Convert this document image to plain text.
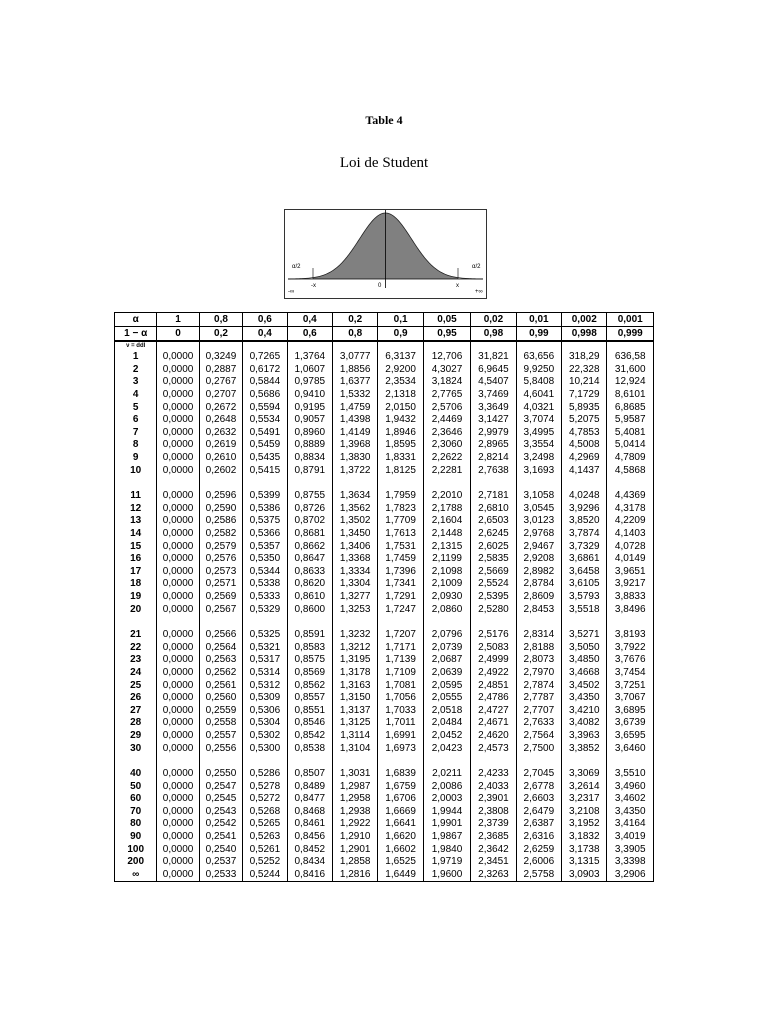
Table 4
Loi de Student
-∞
-x	0	x
+∞
α/2	α/2
α	1	0,8	0,6	0,4	0,2	0,1	0,05	0,02	0,01	0,002	0,001
1 − α	0	0,2	0,4	0,6	0,8	0,9	0,95	0,98	0,99	0,998	0,999
ν = ddl											
1	0,0000	0,3249	0,7265	1,3764	3,0777	6,3137	12,706	31,821	63,656	318,29	636,58
2	0,0000	0,2887	0,6172	1,0607	1,8856	2,9200	4,3027	6,9645	9,9250	22,328	31,600
3	0,0000	0,2767	0,5844	0,9785	1,6377	2,3534	3,1824	4,5407	5,8408	10,214	12,924
4	0,0000	0,2707	0,5686	0,9410	1,5332	2,1318	2,7765	3,7469	4,6041	7,1729	8,6101
5	0,0000	0,2672	0,5594	0,9195	1,4759	2,0150	2,5706	3,3649	4,0321	5,8935	6,8685
6	0,0000	0,2648	0,5534	0,9057	1,4398	1,9432	2,4469	3,1427	3,7074	5,2075	5,9587
7	0,0000	0,2632	0,5491	0,8960	1,4149	1,8946	2,3646	2,9979	3,4995	4,7853	5,4081
8	0,0000	0,2619	0,5459	0,8889	1,3968	1,8595	2,3060	2,8965	3,3554	4,5008	5,0414
9	0,0000	0,2610	0,5435	0,8834	1,3830	1,8331	2,2622	2,8214	3,2498	4,2969	4,7809
10	0,0000	0,2602	0,5415	0,8791	1,3722	1,8125	2,2281	2,7638	3,1693	4,1437	4,5868

11	0,0000	0,2596	0,5399	0,8755	1,3634	1,7959	2,2010	2,7181	3,1058	4,0248	4,4369
12	0,0000	0,2590	0,5386	0,8726	1,3562	1,7823	2,1788	2,6810	3,0545	3,9296	4,3178
13	0,0000	0,2586	0,5375	0,8702	1,3502	1,7709	2,1604	2,6503	3,0123	3,8520	4,2209
14	0,0000	0,2582	0,5366	0,8681	1,3450	1,7613	2,1448	2,6245	2,9768	3,7874	4,1403
15	0,0000	0,2579	0,5357	0,8662	1,3406	1,7531	2,1315	2,6025	2,9467	3,7329	4,0728
16	0,0000	0,2576	0,5350	0,8647	1,3368	1,7459	2,1199	2,5835	2,9208	3,6861	4,0149
17	0,0000	0,2573	0,5344	0,8633	1,3334	1,7396	2,1098	2,5669	2,8982	3,6458	3,9651
18	0,0000	0,2571	0,5338	0,8620	1,3304	1,7341	2,1009	2,5524	2,8784	3,6105	3,9217
19	0,0000	0,2569	0,5333	0,8610	1,3277	1,7291	2,0930	2,5395	2,8609	3,5793	3,8833
20	0,0000	0,2567	0,5329	0,8600	1,3253	1,7247	2,0860	2,5280	2,8453	3,5518	3,8496

21	0,0000	0,2566	0,5325	0,8591	1,3232	1,7207	2,0796	2,5176	2,8314	3,5271	3,8193
22	0,0000	0,2564	0,5321	0,8583	1,3212	1,7171	2,0739	2,5083	2,8188	3,5050	3,7922
23	0,0000	0,2563	0,5317	0,8575	1,3195	1,7139	2,0687	2,4999	2,8073	3,4850	3,7676
24	0,0000	0,2562	0,5314	0,8569	1,3178	1,7109	2,0639	2,4922	2,7970	3,4668	3,7454
25	0,0000	0,2561	0,5312	0,8562	1,3163	1,7081	2,0595	2,4851	2,7874	3,4502	3,7251
26	0,0000	0,2560	0,5309	0,8557	1,3150	1,7056	2,0555	2,4786	2,7787	3,4350	3,7067
27	0,0000	0,2559	0,5306	0,8551	1,3137	1,7033	2,0518	2,4727	2,7707	3,4210	3,6895
28	0,0000	0,2558	0,5304	0,8546	1,3125	1,7011	2,0484	2,4671	2,7633	3,4082	3,6739
29	0,0000	0,2557	0,5302	0,8542	1,3114	1,6991	2,0452	2,4620	2,7564	3,3963	3,6595
30	0,0000	0,2556	0,5300	0,8538	1,3104	1,6973	2,0423	2,4573	2,7500	3,3852	3,6460

40	0,0000	0,2550	0,5286	0,8507	1,3031	1,6839	2,0211	2,4233	2,7045	3,3069	3,5510
50	0,0000	0,2547	0,5278	0,8489	1,2987	1,6759	2,0086	2,4033	2,6778	3,2614	3,4960
60	0,0000	0,2545	0,5272	0,8477	1,2958	1,6706	2,0003	2,3901	2,6603	3,2317	3,4602
70	0,0000	0,2543	0,5268	0,8468	1,2938	1,6669	1,9944	2,3808	2,6479	3,2108	3,4350
80	0,0000	0,2542	0,5265	0,8461	1,2922	1,6641	1,9901	2,3739	2,6387	3,1952	3,4164
90	0,0000	0,2541	0,5263	0,8456	1,2910	1,6620	1,9867	2,3685	2,6316	3,1832	3,4019
100	0,0000	0,2540	0,5261	0,8452	1,2901	1,6602	1,9840	2,3642	2,6259	3,1738	3,3905
200	0,0000	0,2537	0,5252	0,8434	1,2858	1,6525	1,9719	2,3451	2,6006	3,1315	3,3398
∞	0,0000	0,2533	0,5244	0,8416	1,2816	1,6449	1,9600	2,3263	2,5758	3,0903	3,2906
